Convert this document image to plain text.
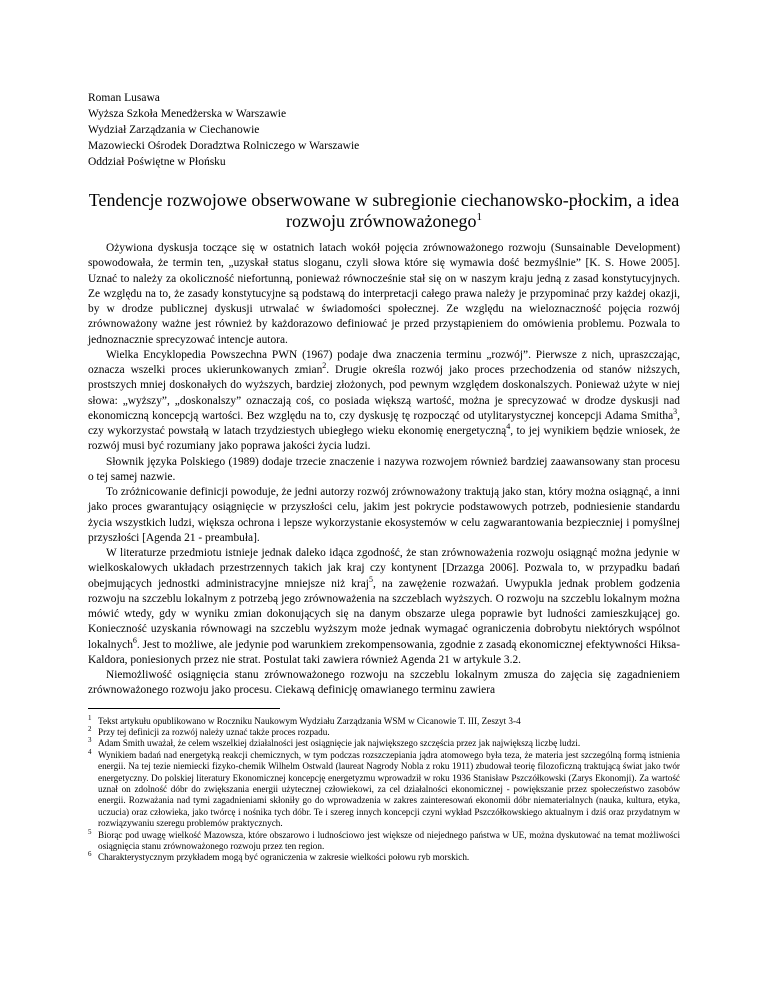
Roman Lusawa

Wyższa Szkoła Menedżerska w Warszawie

Wydział Zarządzania w Ciechanowie

Mazowiecki Ośrodek Doradztwa Rolniczego w Warszawie

Oddział Poświętne w Płońsku

Tendencje rozwojowe obserwowane w subregionie ciechanowsko-płockim, a idea rozwoju zrównoważonego$^1$

Ożywiona dyskusja toczące się w ostatnich latach wokół pojęcia zrównoważonego rozwoju (Sunsainable Development) spowodowała, że termin ten, „uzyskał status sloganu, czyli słowa które się wymawia dość bezmyślnie” [K. S. Howe 2005]. Uznać to należy za okoliczność niefortunną, ponieważ równocześnie stał się on w naszym kraju jedną z zasad konstytucyjnych. Ze względu na to, że zasady konstytucyjne są podstawą do interpretacji całego prawa należy je przypominać przy każdej okazji, by w drodze publicznej dyskusji utrwalać w świadomości społecznej. Ze względu na wieloznaczność pojęcia rozwój zrównoważony ważne jest również by każdorazowo definiować je przed przystąpieniem do omówienia problemu. Pozwala to jednoznacznie sprecyzować intencje autora.

Wielka Encyklopedia Powszechna PWN (1967) podaje dwa znaczenia terminu „rozwój”. Pierwsze z nich, upraszczając, oznacza wszelki proces ukierunkowanych zmian$^2$. Drugie określa rozwój jako proces przechodzenia od stanów niższych, prostszych mniej doskonałych do wyższych, bardziej złożonych, pod pewnym względem doskonalszych. Ponieważ użyte w niej słowa: „wyższy”, „doskonalszy” oznaczają coś, co posiada większą wartość, można je sprecyzować w drodze dyskusji nad ekonomiczną koncepcją wartości. Bez względu na to, czy dyskusję tę rozpocząć od utylitarystycznej koncepcji Adama Smitha$^3$, czy wykorzystać powstałą w latach trzydziestych ubiegłego wieku ekonomię energetyczną$^4$, to jej wynikiem będzie wniosek, że rozwój musi być rozumiany jako poprawa jakości życia ludzi.

Słownik języka Polskiego (1989) dodaje trzecie znaczenie i nazywa rozwojem również bardziej zaawansowany stan procesu o tej samej nazwie.

To zróżnicowanie definicji powoduje, że jedni autorzy rozwój zrównoważony traktują jako stan, który można osiągnąć, a inni jako proces gwarantujący osiągnięcie w przyszłości celu, jakim jest pokrycie podstawowych potrzeb, podniesienie standardu życia wszystkich ludzi, większa ochrona i lepsze wykorzystanie ekosystemów w celu zagwarantowania bezpieczniej i pomyślnej przyszłości [Agenda 21 - preambuła].

W literaturze przedmiotu istnieje jednak daleko idąca zgodność, że stan zrównoważenia rozwoju osiągnąć można jedynie w wielkoskalowych układach przestrzennych takich jak kraj czy kontynent [Drzazga 2006]. Pozwala to, w przypadku badań obejmujących jednostki administracyjne mniejsze niż kraj$^5$, na zawężenie rozważań. Uwypukla jednak problem godzenia rozwoju na szczeblu lokalnym z potrzebą jego zrównoważenia na szczeblach wyższych. O rozwoju na szczeblu lokalnym można mówić wtedy, gdy w wyniku zmian dokonujących się na danym obszarze ulega poprawie byt ludności zamieszkującej go. Konieczność uzyskania równowagi na szczeblu wyższym może jednak wymagać ograniczenia dobrobytu niektórych wspólnot lokalnych$^6$. Jest to możliwe, ale jedynie pod warunkiem zrekompensowania, zgodnie z zasadą ekonomicznej efektywności Hiksa-Kaldora, poniesionych przez nie strat. Postulat taki zawiera również Agenda 21 w artykule 3.2.

Niemożliwość osiągnięcia stanu zrównoważonego rozwoju na szczeblu lokalnym zmusza do zajęcia się zagadnieniem zrównoważonego rozwoju jako procesu. Ciekawą definicję omawianego terminu zawiera

1 Tekst artykułu opublikowano w Roczniku Naukowym Wydziału Zarządzania WSM w Cicanowie T. III, Zeszyt 3-4
2 Przy tej definicji za rozwój należy uznać także proces rozpadu.
3 Adam Smith uważał, że celem wszelkiej działalności jest osiągnięcie jak największego szczęścia przez jak największą liczbę ludzi.
4 Wynikiem badań nad energetyką reakcji chemicznych, w tym podczas rozszczepiania jądra atomowego była teza, że materia jest szczególną formą istnienia energii. Na tej tezie niemiecki fizyko-chemik Wilhelm Ostwald (laureat Nagrody Nobla z roku 1911) zbudował teorię filozoficzną traktującą świat jako twór energetyczny. Do polskiej literatury Ekonomicznej koncepcję energetyzmu wprowadził w roku 1936 Stanisław Pszczółkowski (Zarys Ekonomji). Za wartość uznał on zdolność dóbr do zwiększania energii użytecznej człowiekowi, za cel działalności ekonomicznej - powiększanie przez społeczeństwo zasobów energii. Rozważania nad tymi zagadnieniami skłoniły go do wprowadzenia w zakres zainteresowań ekonomii dóbr niematerialnych (nauka, kultura, etyka, uczucia) oraz człowieka, jako twórcę i nośnika tych dóbr. Te i szereg innych koncepcji czyni wykład Pszczółkowskiego aktualnym i dziś oraz przydatnym w rozwiązywaniu szeregu problemów praktycznych.
5 Biorąc pod uwagę wielkość Mazowsza, które obszarowo i ludnościowo jest większe od niejednego państwa w UE, można dyskutować na temat możliwości osiągnięcia stanu zrównoważonego rozwoju przez ten region.
6 Charakterystycznym przykładem mogą być ograniczenia w zakresie wielkości połowu ryb morskich.
